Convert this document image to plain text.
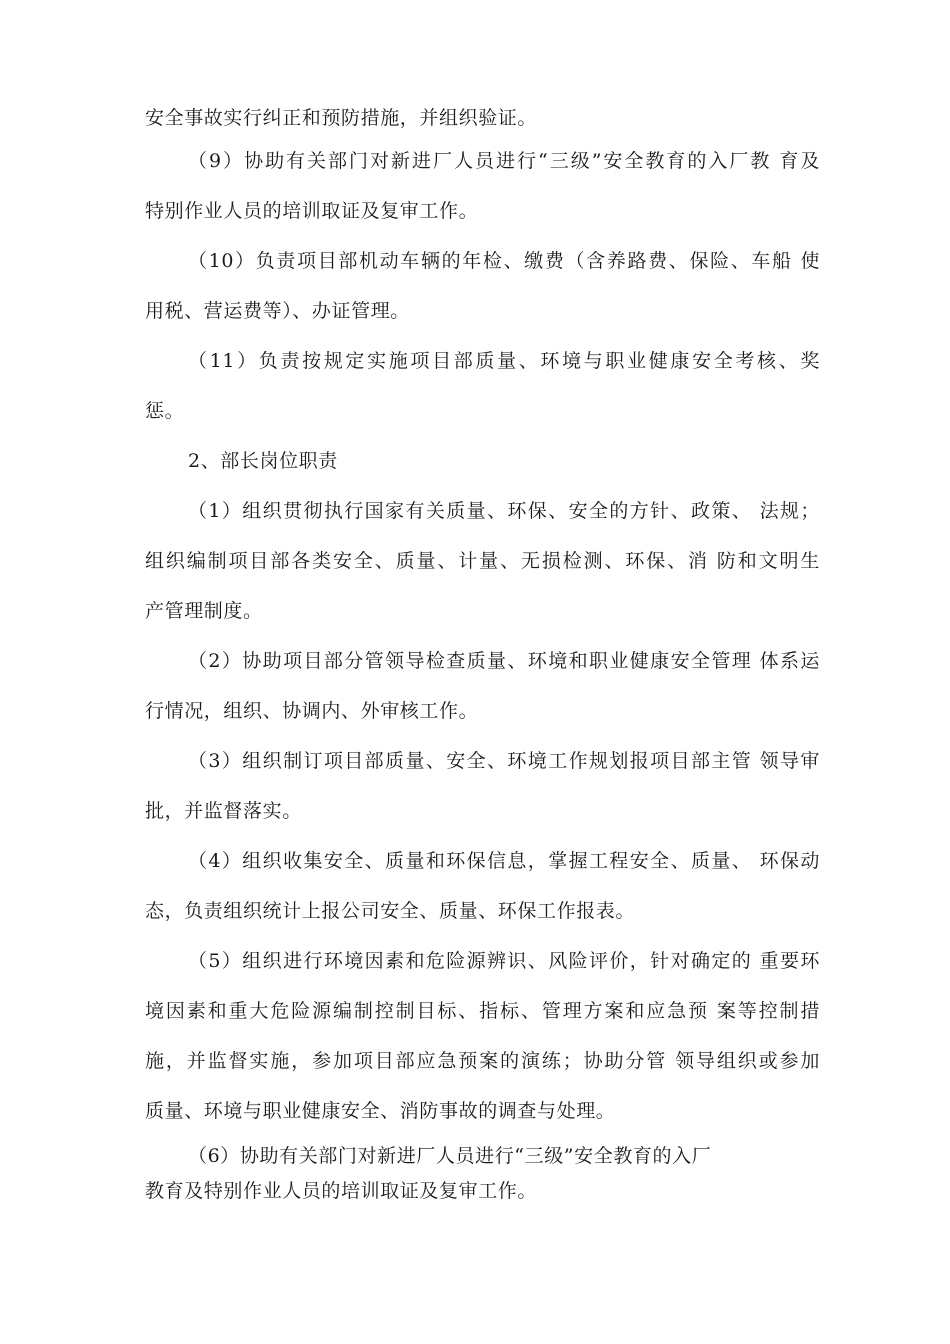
安全事故实行纠正和预防措施，并组织验证。
（9）协助有关部门对新进厂人员进行“三级”安全教育的入厂教 育及
特别作业人员的培训取证及复审工作。
（10）负责项目部机动车辆的年检、缴费（含养路费、保险、车船 使
用税、营运费等）、办证管理。
（11）负责按规定实施项目部质量、环境与职业健康安全考核、奖
惩。
2、部长岗位职责
（1）组织贯彻执行国家有关质量、环保、安全的方针、政策、 法规；
组织编制项目部各类安全、质量、计量、无损检测、环保、消 防和文明生
产管理制度。
（2）协助项目部分管领导检查质量、环境和职业健康安全管理 体系运
行情况，组织、协调内、外审核工作。
（3）组织制订项目部质量、安全、环境工作规划报项目部主管 领导审
批，并监督落实。
（4）组织收集安全、质量和环保信息，掌握工程安全、质量、 环保动
态，负责组织统计上报公司安全、质量、环保工作报表。
（5）组织进行环境因素和危险源辨识、风险评价，针对确定的 重要环
境因素和重大危险源编制控制目标、指标、管理方案和应急预 案等控制措
施，并监督实施，参加项目部应急预案的演练；协助分管 领导组织或参加
质量、环境与职业健康安全、消防事故的调查与处理。
（6）协助有关部门对新进厂人员进行“三级”安全教育的入厂
教育及特别作业人员的培训取证及复审工作。
